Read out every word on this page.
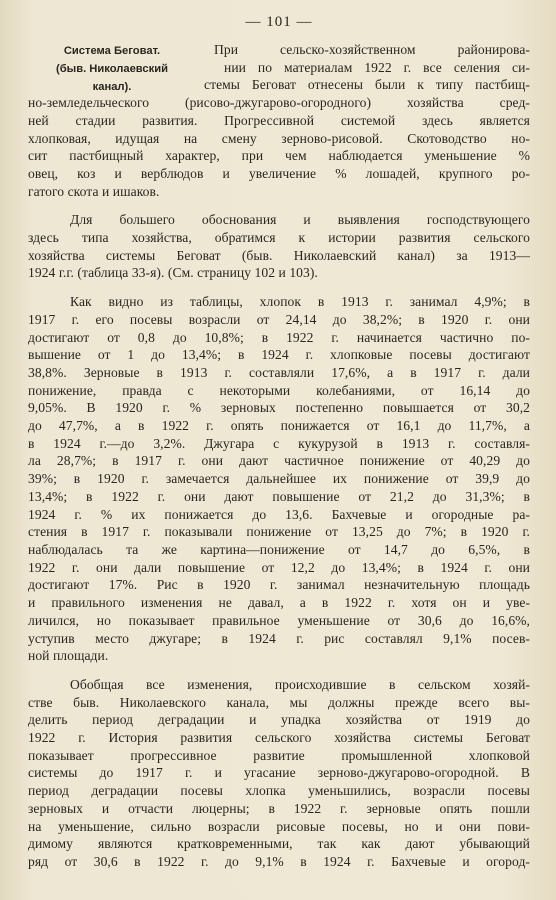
— 101 —
Система Беговат.
(быв. Николаевский
канал).
При сельско-хозяйственном районирова-
нии по материалам 1922 г. все селения си-
стемы Беговат отнесены были к типу пастбищ-
но-земледельческого (рисово-джугарово-огородного) хозяйства сред-
ней стадии развития. Прогрессивной системой здесь является
хлопковая, идущая на смену зерново-рисовой. Скотоводство но-
сит пастбищный характер, при чем наблюдается уменьшение %
овец, коз и верблюдов и увеличение % лошадей, крупного ро-
гатого скота и ишаков.
Для большего обоснования и выявления господствующего
здесь типа хозяйства, обратимся к истории развития сельского
хозяйства системы Беговат (быв. Николаевский канал) за 1913—
1924 г.г. (таблица 33-я). (См. страницу 102 и 103).
Как видно из таблицы, хлопок в 1913 г. занимал 4,9%; в
1917 г. его посевы возрасли от 24,14 до 38,2%; в 1920 г. они
достигают от 0,8 до 10,8%; в 1922 г. начинается частично по-
вышение от 1 до 13,4%; в 1924 г. хлопковые посевы достигают
38,8%. Зерновые в 1913 г. составляли 17,6%, а в 1917 г. дали
понижение, правда с некоторыми колебаниями, от 16,14 до
9,05%. В 1920 г. % зерновых постепенно повышается от 30,2
до 47,7%, а в 1922 г. опять понижается от 16,1 до 11,7%, а
в 1924 г.—до 3,2%. Джугара с кукурузой в 1913 г. составля-
ла 28,7%; в 1917 г. они дают частичное понижение от 40,29 до
39%; в 1920 г. замечается дальнейшее их понижение от 39,9 до
13,4%; в 1922 г. они дают повышение от 21,2 до 31,3%; в
1924 г. % их понижается до 13,6. Бахчевые и огородные ра-
стения в 1917 г. показывали понижение от 13,25 до 7%; в 1920 г.
наблюдалась та же картина—понижение от 14,7 до 6,5%, в
1922 г. они дали повышение от 12,2 до 13,4%; в 1924 г. они
достигают 17%. Рис в 1920 г. занимал незначительную площадь
и правильного изменения не давал, а в 1922 г. хотя он и уве-
личился, но показывает правильное уменьшение от 30,6 до 16,6%,
уступив место джугаре; в 1924 г. рис составлял 9,1% посев-
ной площади.
Обобщая все изменения, происходившие в сельском хозяй-
стве быв. Николаевского канала, мы должны прежде всего вы-
делить период деградации и упадка хозяйства от 1919 до
1922 г. История развития сельского хозяйства системы Беговат
показывает прогрессивное развитие промышленной хлопковой
системы до 1917 г. и угасание зерново-джугарово-огородной. В
период деградации посевы хлопка уменьшились, возрасли посевы
зерновых и отчасти люцерны; в 1922 г. зерновые опять пошли
на уменьшение, сильно возрасли рисовые посевы, но и они пови-
димому являются кратковременными, так как дают убывающий
ряд от 30,6 в 1922 г. до 9,1% в 1924 г. Бахчевые и огород-
